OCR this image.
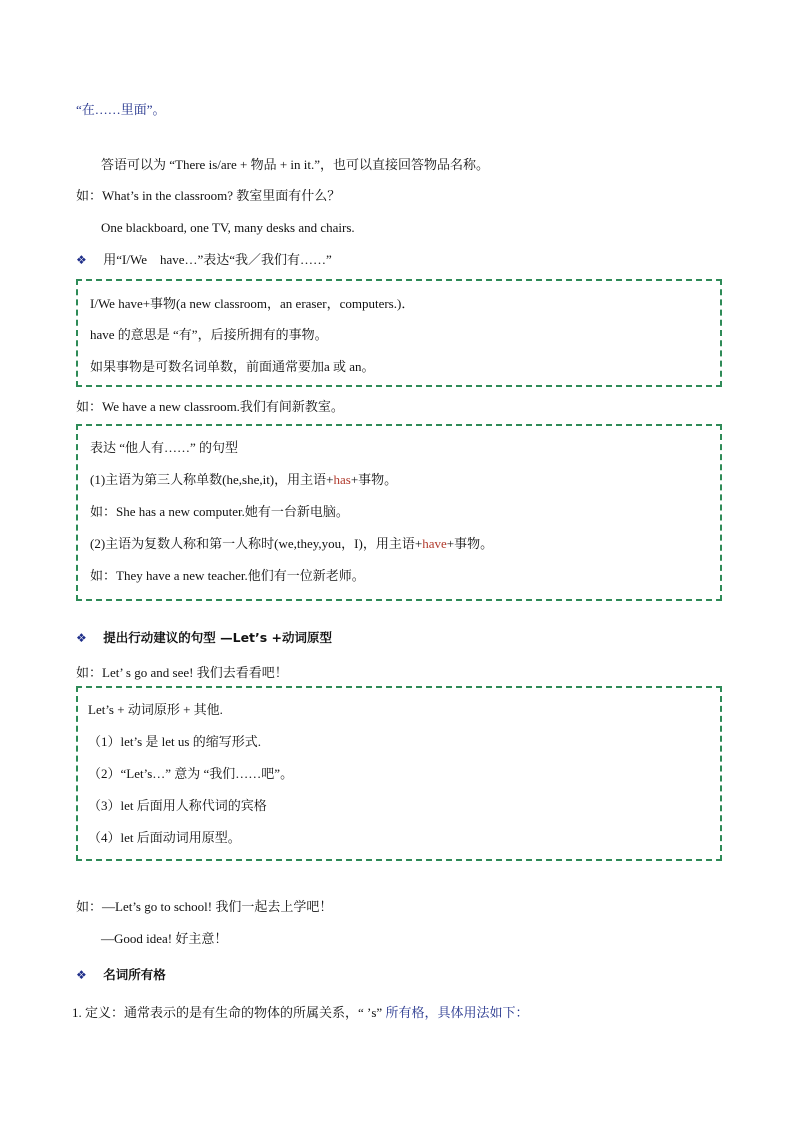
“在……里面”。
答语可以为 “There is/are + 物品 + in it.”，也可以直接回答物品名称。
如：What’s in the classroom? 教室里面有什么？
One blackboard, one TV, many desks and chairs.
❖ 用“I/We　have…”表达“我／我们有……”
I/We have+事物(a new classroom，an eraser，computers.)．
have 的意思是 “有”，后接所拥有的事物。
如果事物是可数名词单数，前面通常要加a 或 an。
如：We have a new classroom.我们有间新教室。
表达 “他人有……” 的句型
(1)主语为第三人称单数(he,she,it)，用主语+has+事物。
如：She has a new computer.她有一台新电脑。
(2)主语为复数人称和第一人称时(we,they,you，I)，用主语+have+事物。
如：They have a new teacher.他们有一位新老师。
❖ 提出行动建议的句型 —Let’s +动词原型
如：Let’ s go and see! 我们去看看吧！
Let’s + 动词原形 + 其他.
（1）let’s 是 let us 的缩写形式.
（2）“Let’s…” 意为 “我们……吧”。
（3）let 后面用人称代词的宾格
（4）let 后面动词用原型。
如：—Let’s go to school! 我们一起去上学吧！
—Good idea! 好主意！
❖ 名词所有格
1. 定义：通常表示的是有生命的物体的所属关系，“ ’s” 所有格，具体用法如下：
